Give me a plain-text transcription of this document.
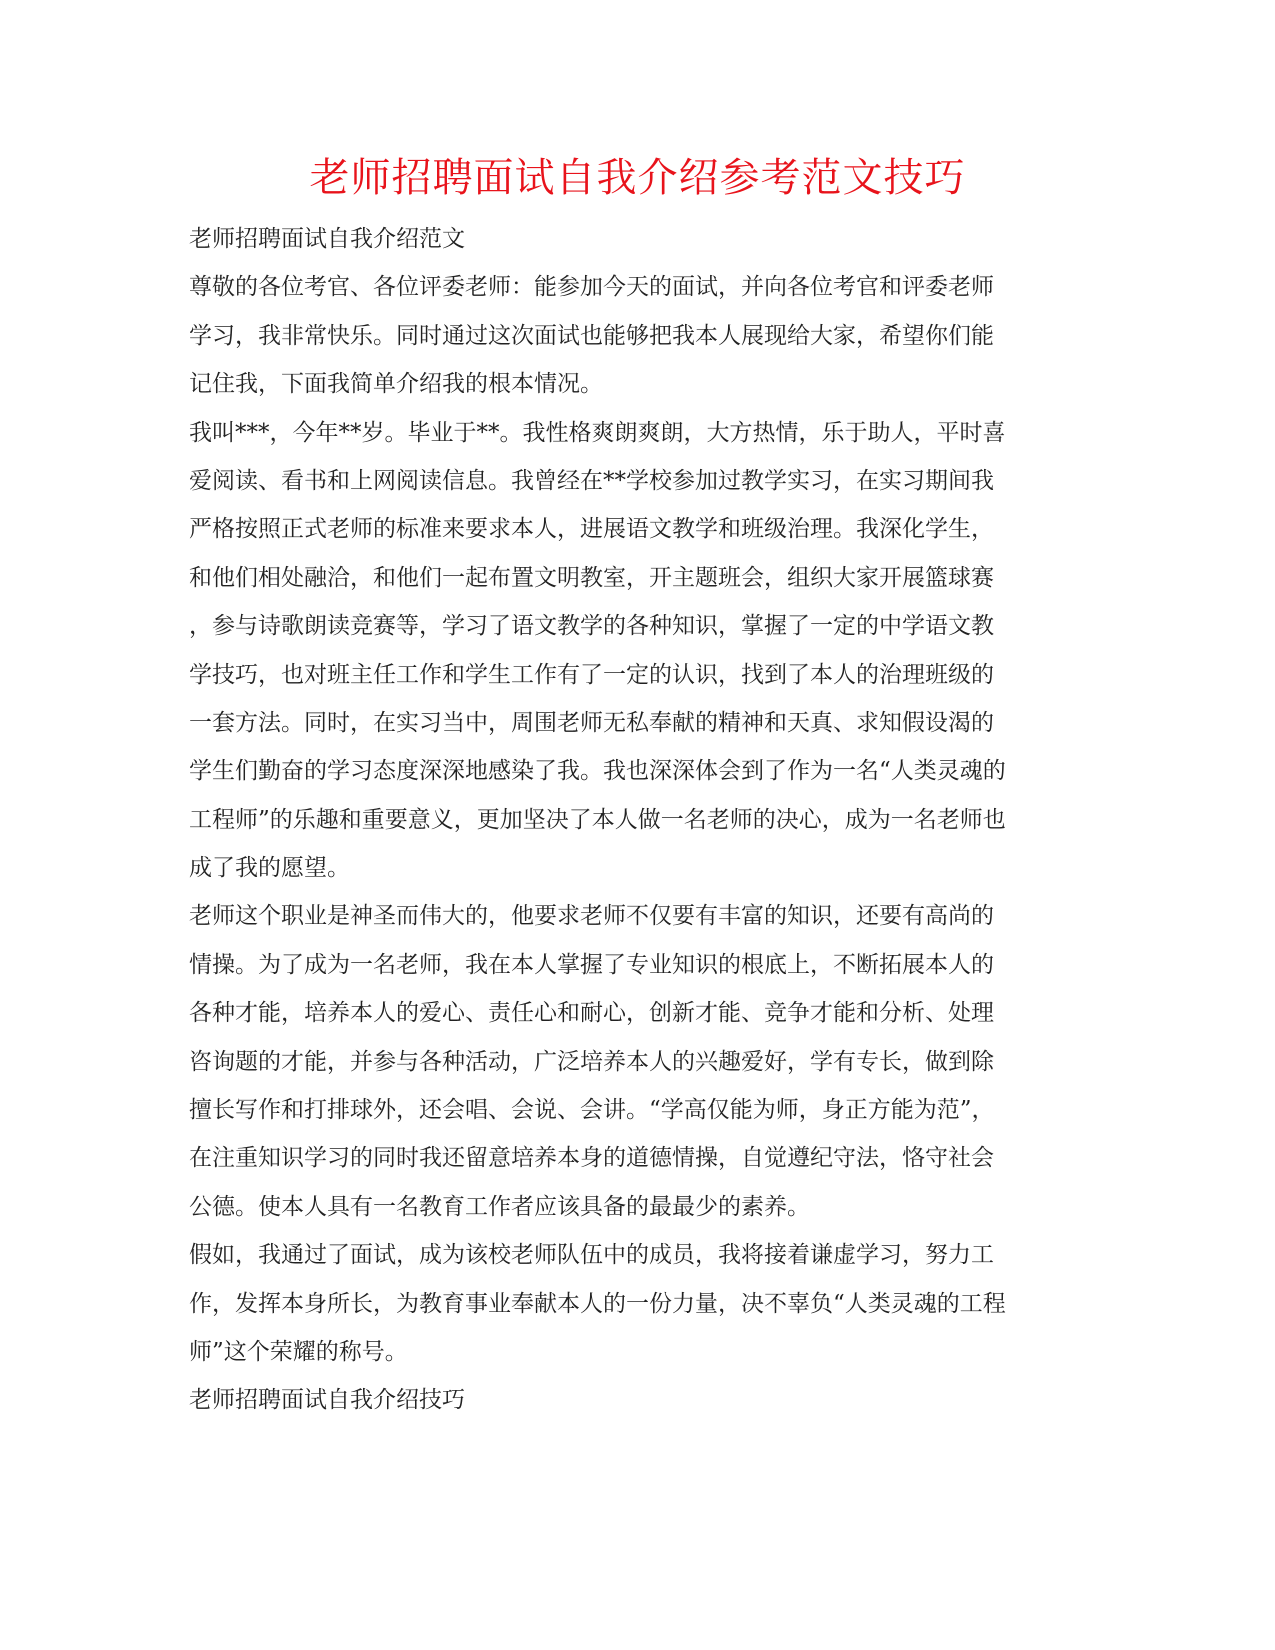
老师招聘面试自我介绍参考范文技巧
老师招聘面试自我介绍范文
尊敬的各位考官、各位评委老师：能参加今天的面试，并向各位考官和评委老师
学习，我非常快乐。同时通过这次面试也能够把我本人展现给大家，希望你们能
记住我，下面我简单介绍我的根本情况。
我叫***，今年**岁。毕业于**。我性格爽朗爽朗，大方热情，乐于助人，平时喜
爱阅读、看书和上网阅读信息。我曾经在**学校参加过教学实习，在实习期间我
严格按照正式老师的标准来要求本人，进展语文教学和班级治理。我深化学生，
和他们相处融洽，和他们一起布置文明教室，开主题班会，组织大家开展篮球赛
，参与诗歌朗读竞赛等，学习了语文教学的各种知识，掌握了一定的中学语文教
学技巧，也对班主任工作和学生工作有了一定的认识，找到了本人的治理班级的
一套方法。同时，在实习当中，周围老师无私奉献的精神和天真、求知假设渴的
学生们勤奋的学习态度深深地感染了我。我也深深体会到了作为一名“人类灵魂的
工程师”的乐趣和重要意义，更加坚决了本人做一名老师的决心，成为一名老师也
成了我的愿望。
老师这个职业是神圣而伟大的，他要求老师不仅要有丰富的知识，还要有高尚的
情操。为了成为一名老师，我在本人掌握了专业知识的根底上，不断拓展本人的
各种才能，培养本人的爱心、责任心和耐心，创新才能、竞争才能和分析、处理
咨询题的才能，并参与各种活动，广泛培养本人的兴趣爱好，学有专长，做到除
擅长写作和打排球外，还会唱、会说、会讲。“学高仅能为师，身正方能为范”，
在注重知识学习的同时我还留意培养本身的道德情操，自觉遵纪守法，恪守社会
公德。使本人具有一名教育工作者应该具备的最最少的素养。
假如，我通过了面试，成为该校老师队伍中的成员，我将接着谦虚学习，努力工
作，发挥本身所长，为教育事业奉献本人的一份力量，决不辜负“人类灵魂的工程
师”这个荣耀的称号。
老师招聘面试自我介绍技巧
